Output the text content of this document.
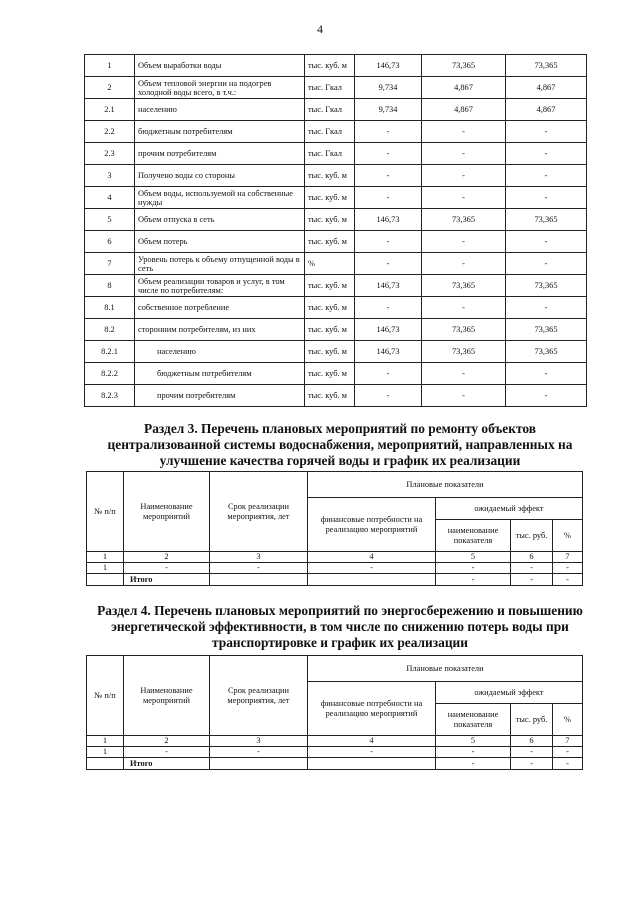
4
1	Объем выработки воды	тыс. куб. м	146,73	73,365	73,365
2	Объем тепловой энергии на подогрев холодной воды всего, в т.ч.:	тыс. Гкал	9,734	4,867	4,867
2.1	населению	тыс. Гкал	9,734	4,867	4,867
2.2	бюджетным потребителям	тыс. Гкал	-	-	-
2.3	прочим потребителям	тыс. Гкал	-	-	-
3	Получено воды со стороны	тыс. куб. м	-	-	-
4	Объем воды, используемой на собственные нужды	тыс. куб. м	-	-	-
5	Объем отпуска в сеть	тыс. куб. м	146,73	73,365	73,365
6	Объем потерь	тыс. куб. м	-	-	-
7	Уровень потерь к объему отпущенной воды в сеть	%	-	-	-
8	Объем реализации товаров и услуг, в том числе по потребителям:	тыс. куб. м	146,73	73,365	73,365
8.1	собственное потребление	тыс. куб. м	-	-	-
8.2	сторонним потребителям, из них	тыс. куб. м	146,73	73,365	73,365
8.2.1	населению	тыс. куб. м	146,73	73,365	73,365
8.2.2	бюджетным потребителям	тыс. куб. м	-	-	-
8.2.3	прочим потребителям	тыс. куб. м	-	-	-
Раздел 3. Перечень плановых мероприятий по ремонту объектов централизованной системы водоснабжения, мероприятий, направленных на улучшение качества горячей воды и график их реализации
№ п/п	Наименование мероприятий	Срок реализации мероприятия, лет	Плановые показатели			
			финансовые потребности на реализацию мероприятий	ожидаемый эффект		
				наименование показателя	тыс. руб.	%
1	2	3	4	5	6	7
1	-	-	-	-	-	-
	Итого			-	-	-
Раздел 4. Перечень плановых мероприятий по энергосбережению и повышению энергетической эффективности, в том числе по снижению потерь воды при транспортировке и график их реализации
№ п/п	Наименование мероприятий	Срок реализации мероприятия, лет	Плановые показатели			
			финансовые потребности на реализацию мероприятий	ожидаемый эффект		
				наименование показателя	тыс. руб.	%
1	2	3	4	5	6	7
1	-	-	-	-	-	-
	Итого			-	-	-
